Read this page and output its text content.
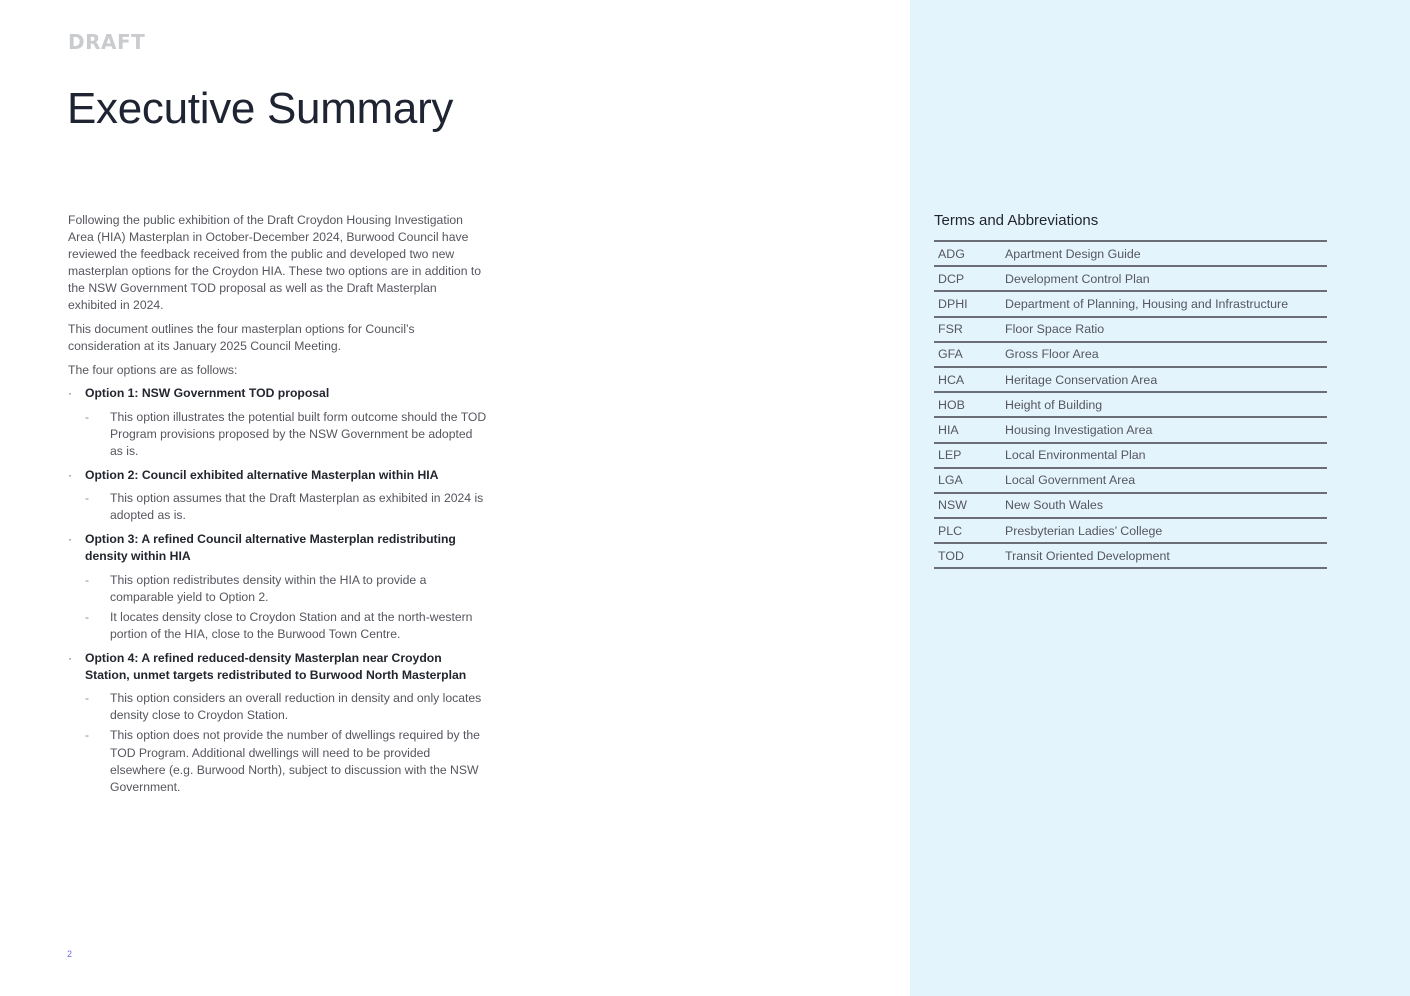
DRAFT
Executive Summary

Following the public exhibition of the Draft Croydon Housing Investigation Area (HIA) Masterplan in October-December 2024, Burwood Council have reviewed the feedback received from the public and developed two new masterplan options for the Croydon HIA. These two options are in addition to the NSW Government TOD proposal as well as the Draft Masterplan exhibited in 2024.

This document outlines the four masterplan options for Council’s consideration at its January 2025 Council Meeting.

The four options are as follows:

· Option 1: NSW Government TOD proposal
- This option illustrates the potential built form outcome should the TOD Program provisions proposed by the NSW Government be adopted as is.
· Option 2: Council exhibited alternative Masterplan within HIA
- This option assumes that the Draft Masterplan as exhibited in 2024 is adopted as is.
· Option 3: A refined Council alternative Masterplan redistributing density within HIA
- This option redistributes density within the HIA to provide a comparable yield to Option 2.
- It locates density close to Croydon Station and at the north-western portion of the HIA, close to the Burwood Town Centre.
· Option 4: A refined reduced-density Masterplan near Croydon Station, unmet targets redistributed to Burwood North Masterplan
- This option considers an overall reduction in density and only locates density close to Croydon Station.
- This option does not provide the number of dwellings required by the TOD Program. Additional dwellings will need to be provided elsewhere (e.g. Burwood North), subject to discussion with the NSW Government.
Terms and Abbreviations
ADG	Apartment Design Guide
DCP	Development Control Plan
DPHI	Department of Planning, Housing and Infrastructure
FSR	Floor Space Ratio
GFA	Gross Floor Area
HCA	Heritage Conservation Area
HOB	Height of Building
HIA	Housing Investigation Area
LEP	Local Environmental Plan
LGA	Local Government Area
NSW	New South Wales
PLC	Presbyterian Ladies’ College
TOD	Transit Oriented Development
2
